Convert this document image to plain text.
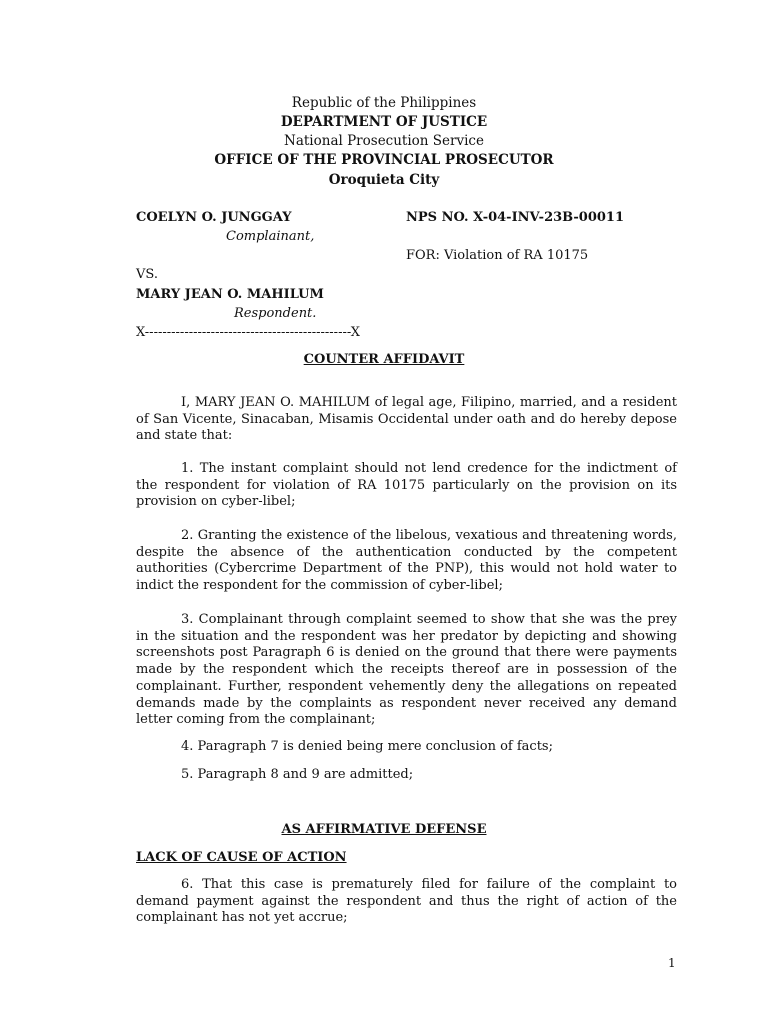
Republic of the Philippines
DEPARTMENT OF JUSTICE
National Prosecution Service
OFFICE OF THE PROVINCIAL PROSECUTOR
Oroquieta City
COELYN O. JUNGGAY	NPS NO. X-04-INV-23B-00011
Complainant,
FOR: Violation of RA 10175
VS.
MARY JEAN O. MAHILUM
Respondent.
X-----------------------------------------------X
COUNTER AFFIDAVIT
I, MARY JEAN O. MAHILUM of legal age, Filipino, married, and a resident of San Vicente, Sinacaban, Misamis Occidental under oath and do hereby depose and state that:
1. The instant complaint should not lend credence for the indictment of the respondent for violation of RA 10175 particularly on the provision on its provision on cyber-libel;
2. Granting the existence of the libelous, vexatious and threatening words, despite the absence of the authentication conducted by the competent authorities (Cybercrime Department of the PNP), this would not hold water to indict the respondent for the commission of cyber-libel;
3. Complainant through complaint seemed to show that she was the prey in the situation and the respondent was her predator by depicting and showing screenshots post Paragraph 6 is denied on the ground that there were payments made by the respondent which the receipts thereof are in possession of the complainant. Further, respondent vehemently deny the allegations on repeated demands made by the complaints as respondent never received any demand letter coming from the complainant;
4. Paragraph 7 is denied being mere conclusion of facts;
5. Paragraph 8 and 9 are admitted;
AS AFFIRMATIVE DEFENSE
LACK OF CAUSE OF ACTION
6. That this case is prematurely filed for failure of the complaint to demand payment against the respondent and thus the right of action of the complainant has not yet accrue;
1
